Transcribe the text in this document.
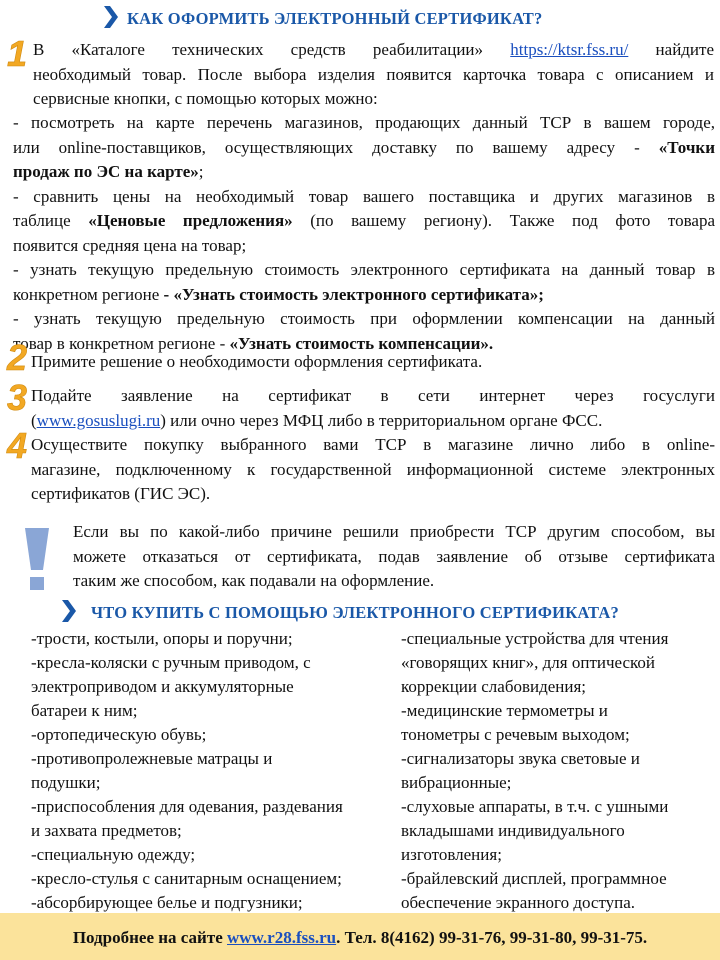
КАК ОФОРМИТЬ ЭЛЕКТРОННЫЙ СЕРТИФИКАТ?
1 В «Каталоге технических средств реабилитации» https://ktsr.fss.ru/ найдите
необходимый товар. После выбора изделия появится карточка товара с описанием и
сервисные кнопки, с помощью которых можно:
- посмотреть на карте перечень магазинов, продающих данный ТСР в вашем городе,
или online-поставщиков, осуществляющих доставку по вашему адресу - «Точки
продаж по ЭС на карте»;
- сравнить цены на необходимый товар вашего поставщика и других магазинов в
таблице «Ценовые предложения» (по вашему региону). Также под фото товара
появится средняя цена на товар;
- узнать текущую предельную стоимость электронного сертификата на данный товар в
конкретном регионе - «Узнать стоимость электронного сертификата»;
- узнать текущую предельную стоимость при оформлении компенсации на данный
товар в конкретном регионе - «Узнать стоимость компенсации».
2 Примите решение о необходимости оформления сертификата.
3 Подайте заявление на сертификат в сети интернет через госуслуги
(www.gosuslugi.ru) или очно через МФЦ либо в территориальном органе ФСС.
4 Осуществите покупку выбранного вами ТСР в магазине лично либо в online-
магазине, подключенному к государственной информационной системе электронных
сертификатов (ГИС ЭС).
Если вы по какой-либо причине решили приобрести ТСР другим способом, вы
можете отказаться от сертификата, подав заявление об отзыве сертификата
таким же способом, как подавали на оформление.
ЧТО КУПИТЬ С ПОМОЩЬЮ ЭЛЕКТРОННОГО СЕРТИФИКАТА?
-трости, костыли, опоры и поручни;
-кресла-коляски с ручным приводом, с
электроприводом и аккумуляторные
батареи к ним;
-ортопедическую обувь;
-противопролежневые матрацы и
подушки;
-приспособления для одевания, раздевания
и захвата предметов;
-специальную одежду;
-кресло-стулья с санитарным оснащением;
-абсорбирующее белье и подгузники;
-специальные устройства для чтения
«говорящих книг», для оптической
коррекции слабовидения;
-медицинские термометры и
тонометры с речевым выходом;
-сигнализаторы звука световые и
вибрационные;
-слуховые аппараты, в т.ч. с ушными
вкладышами индивидуального
изготовления;
-брайлевский дисплей, программное
обеспечение экранного доступа.
Подробнее на сайте www.r28.fss.ru. Тел. 8(4162) 99-31-76, 99-31-80, 99-31-75.
